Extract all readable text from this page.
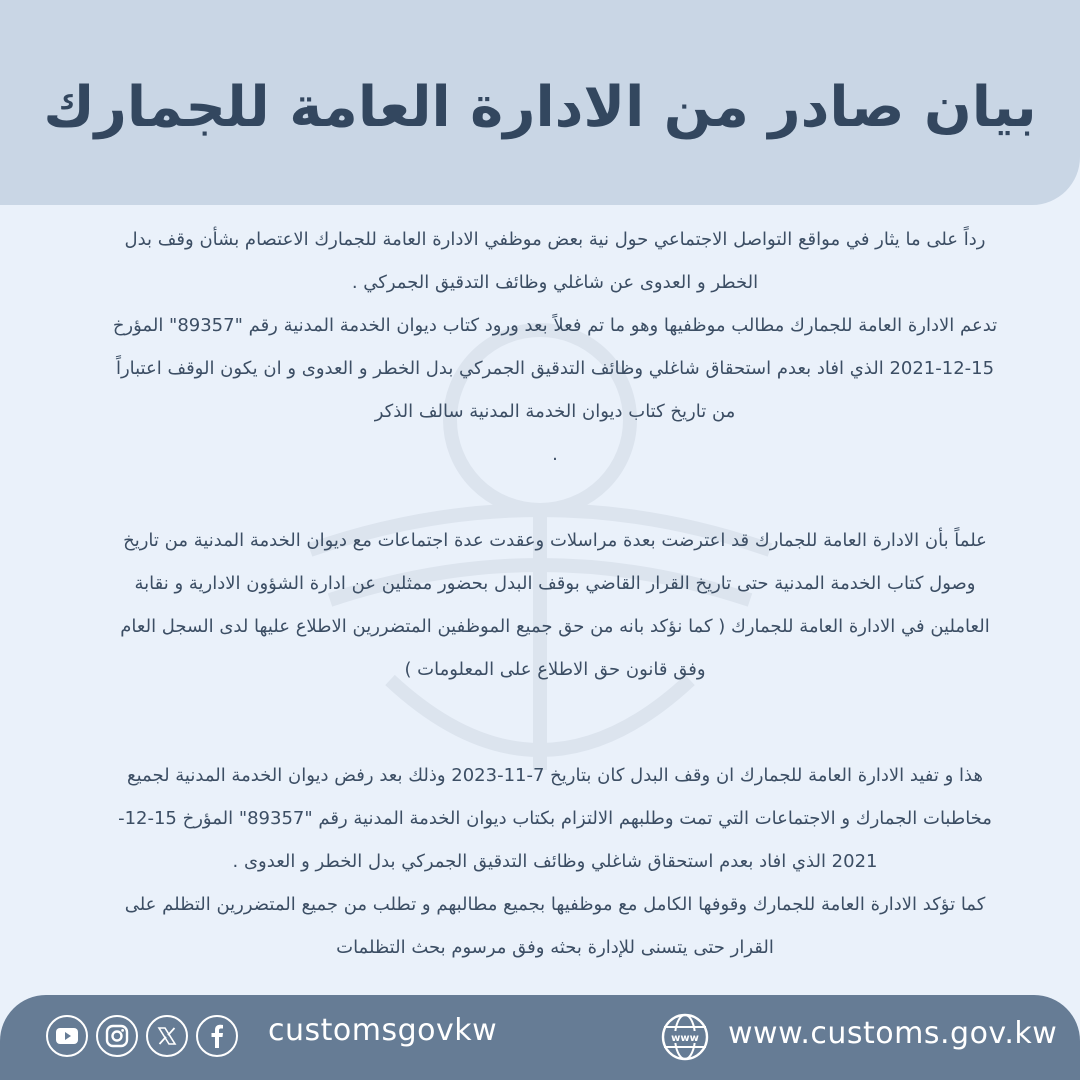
بيان صادر من الادارة العامة للجمارك

رداً على ما يثار في مواقع التواصل الاجتماعي حول نية بعض موظفي الادارة العامة للجمارك الاعتصام بشأن وقف بدل الخطر و العدوى عن شاغلي وظائف التدقيق الجمركي .

تدعم الادارة العامة للجمارك مطالب موظفيها وهو ما تم فعلاً بعد ورود كتاب ديوان الخدمة المدنية رقم "89357" المؤرخ 15-12-2021 الذي افاد بعدم استحقاق شاغلي وظائف التدقيق الجمركي بدل الخطر و العدوى و ان يكون الوقف اعتباراً من تاريخ كتاب ديوان الخدمة المدنية سالف الذكر

.

علماً بأن الادارة العامة للجمارك قد اعترضت بعدة مراسلات وعقدت عدة اجتماعات مع ديوان الخدمة المدنية من تاريخ وصول كتاب الخدمة المدنية حتى تاريخ القرار القاضي بوقف البدل بحضور ممثلين عن ادارة الشؤون الادارية و نقابة العاملين في الادارة العامة للجمارك ( كما نؤكد بانه من حق جميع الموظفين المتضررين الاطلاع عليها لدى السجل العام وفق قانون حق الاطلاع على المعلومات )

هذا و تفيد الادارة العامة للجمارك ان وقف البدل كان بتاريخ 7-11-2023 وذلك بعد رفض ديوان الخدمة المدنية لجميع مخاطبات الجمارك و الاجتماعات التي تمت وطلبهم الالتزام بكتاب ديوان الخدمة المدنية رقم "89357" المؤرخ 15-12-2021 الذي افاد بعدم استحقاق شاغلي وظائف التدقيق الجمركي بدل الخطر و العدوى .

كما تؤكد الادارة العامة للجمارك وقوفها الكامل مع موظفيها بجميع مطالبهم و تطلب من جميع المتضررين التظلم على القرار حتى يتسنى للإدارة بحثه وفق مرسوم بحث التظلمات

customsgovkw	www www.customs.gov.kw
